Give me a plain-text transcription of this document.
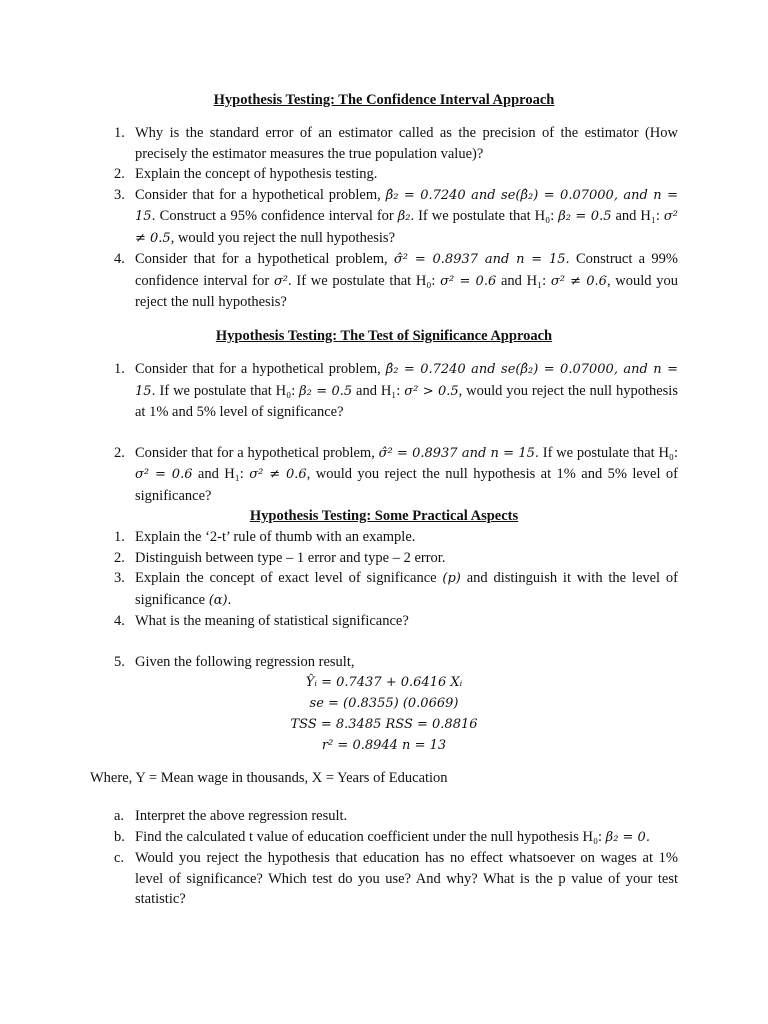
Hypothesis Testing: The Confidence Interval Approach

1. Why is the standard error of an estimator called as the precision of the estimator (How precisely the estimator measures the true population value)?
2. Explain the concept of hypothesis testing.
3. Consider that for a hypothetical problem, β̂₂ = 0.7240 and se(β̂₂) = 0.07000, and n = 15. Construct a 95% confidence interval for β₂. If we postulate that H₀: β₂ = 0.5 and H₁: σ² ≠ 0.5, would you reject the null hypothesis?
4. Consider that for a hypothetical problem, σ̂² = 0.8937 and n = 15. Construct a 99% confidence interval for σ². If we postulate that H₀: σ² = 0.6 and H₁: σ² ≠ 0.6, would you reject the null hypothesis?

Hypothesis Testing: The Test of Significance Approach

1. Consider that for a hypothetical problem, β̂₂ = 0.7240 and se(β̂₂) = 0.07000, and n = 15. If we postulate that H₀: β₂ = 0.5 and H₁: σ² > 0.5, would you reject the null hypothesis at 1% and 5% level of significance?
2. Consider that for a hypothetical problem, σ̂² = 0.8937 and n = 15. If we postulate that H₀: σ² = 0.6 and H₁: σ² ≠ 0.6, would you reject the null hypothesis at 1% and 5% level of significance?

Hypothesis Testing: Some Practical Aspects

1. Explain the ‘2-t’ rule of thumb with an example.
2. Distinguish between type – 1 error and type – 2 error.
3. Explain the concept of exact level of significance (p) and distinguish it with the level of significance (α).
4. What is the meaning of statistical significance?
5. Given the following regression result,
Ŷᵢ = 0.7437 + 0.6416 Xᵢ
se = (0.8355) (0.0669)
TSS = 8.3485 RSS = 0.8816
r² = 0.8944 n = 13
Where, Y = Mean wage in thousands, X = Years of Education
a. Interpret the above regression result.
b. Find the calculated t value of education coefficient under the null hypothesis H₀: β₂ = 0.
c. Would you reject the hypothesis that education has no effect whatsoever on wages at 1% level of significance? Which test do you use? And why? What is the p value of your test statistic?
